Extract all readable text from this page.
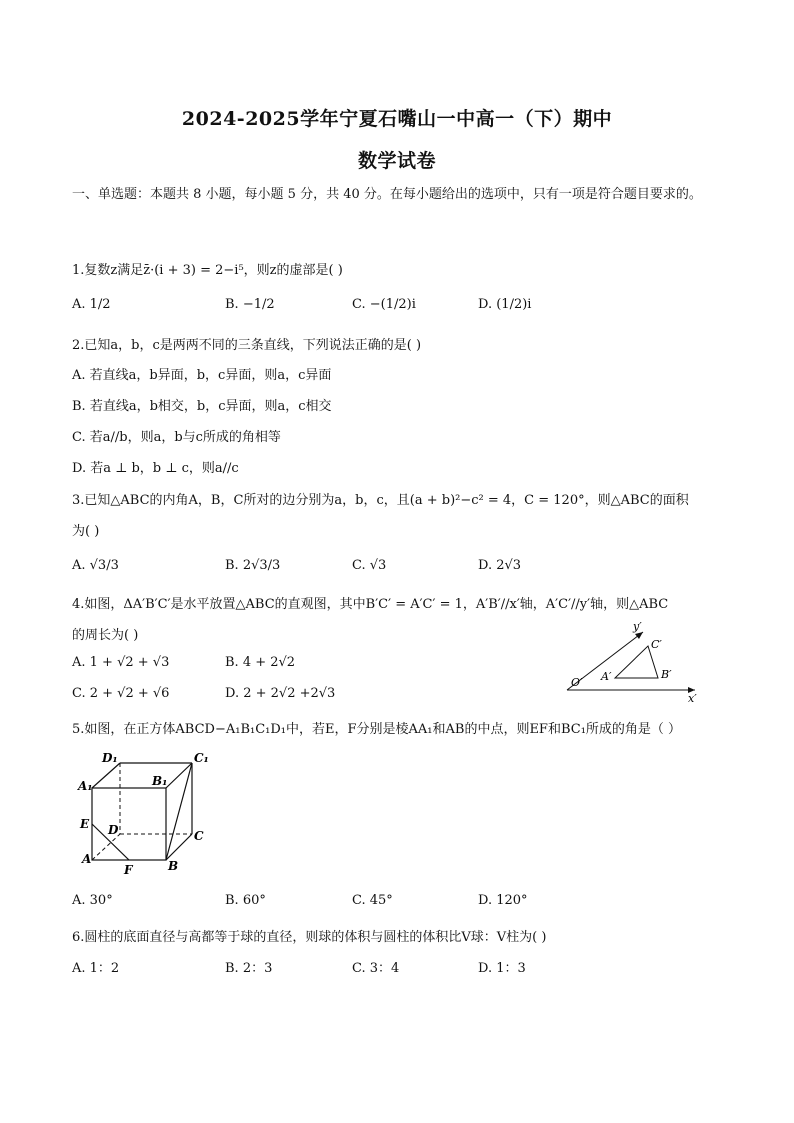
2024-2025学年宁夏石嘴山一中高一（下）期中
数学试卷
一、单选题：本题共 8 小题，每小题 5 分，共 40 分。在每小题给出的选项中，只有一项是符合题目要求的。
1.复数z满足z̄·(i + 3) = 2−i⁵，则z的虚部是( )
A. 1/2	B. −1/2	C. −(1/2)i	D. (1/2)i
2.已知a，b，c是两两不同的三条直线，下列说法正确的是( )
A. 若直线a，b异面，b，c异面，则a，c异面
B. 若直线a，b相交，b，c异面，则a，c相交
C. 若a//b，则a，b与c所成的角相等
D. 若a ⊥ b，b ⊥ c，则a//c
3.已知△ABC的内角A，B，C所对的边分别为a，b，c，且(a + b)²−c² = 4，C = 120°，则△ABC的面积
为( )
A. √3/3	B. 2√3/3	C. √3	D. 2√3
4.如图，ΔA′B′C′是水平放置△ABC的直观图，其中B′C′ = A′C′ = 1，A′B′//x′轴，A′C′//y′轴，则△ABC
的周长为( )
A. 1 + √2 + √3	B. 4 + 2√2
C. 2 + √2 + √6	D. 2 + 2√2 +2√3
y′
x′
O′ A′	B′
C′
5.如图，在正方体ABCD−A₁B₁C₁D₁中，若E，F分别是棱AA₁和AB的中点，则EF和BC₁所成的角是（ ）
D₁	C₁
A₁	B₁
E D	C
A	B
F
A. 30°	B. 60°	C. 45°	D. 120°
6.圆柱的底面直径与高都等于球的直径，则球的体积与圆柱的体积比V球：V柱为( )
A. 1：2	B. 2：3	C. 3：4	D. 1：3
